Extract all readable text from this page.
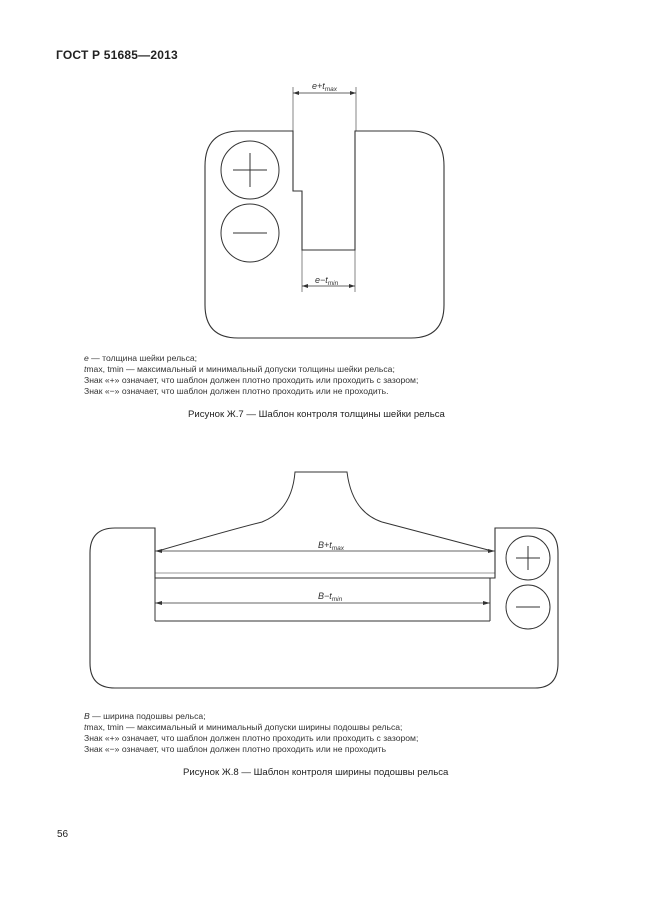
ГОСТ Р 51685—2013
$e+t_{max}$
$e-t_{min}$
$B+t_{max}$
$B-t_{min}$
e — толщина шейки рельса;
tmax, tmin — максимальный и минимальный допуски толщины шейки рельса;
Знак «+» означает, что шаблон должен плотно проходить или проходить с зазором;
Знак «−» означает, что шаблон должен плотно проходить или не проходить.
Рисунок Ж.7 — Шаблон контроля толщины шейки рельса
B — ширина подошвы рельса;
tmax, tmin — максимальный и минимальный допуски ширины подошвы рельса;
Знак «+» означает, что шаблон должен плотно проходить или проходить с зазором;
Знак «−» означает, что шаблон должен плотно проходить или не проходить
Рисунок Ж.8 — Шаблон контроля ширины подошвы рельса
56
